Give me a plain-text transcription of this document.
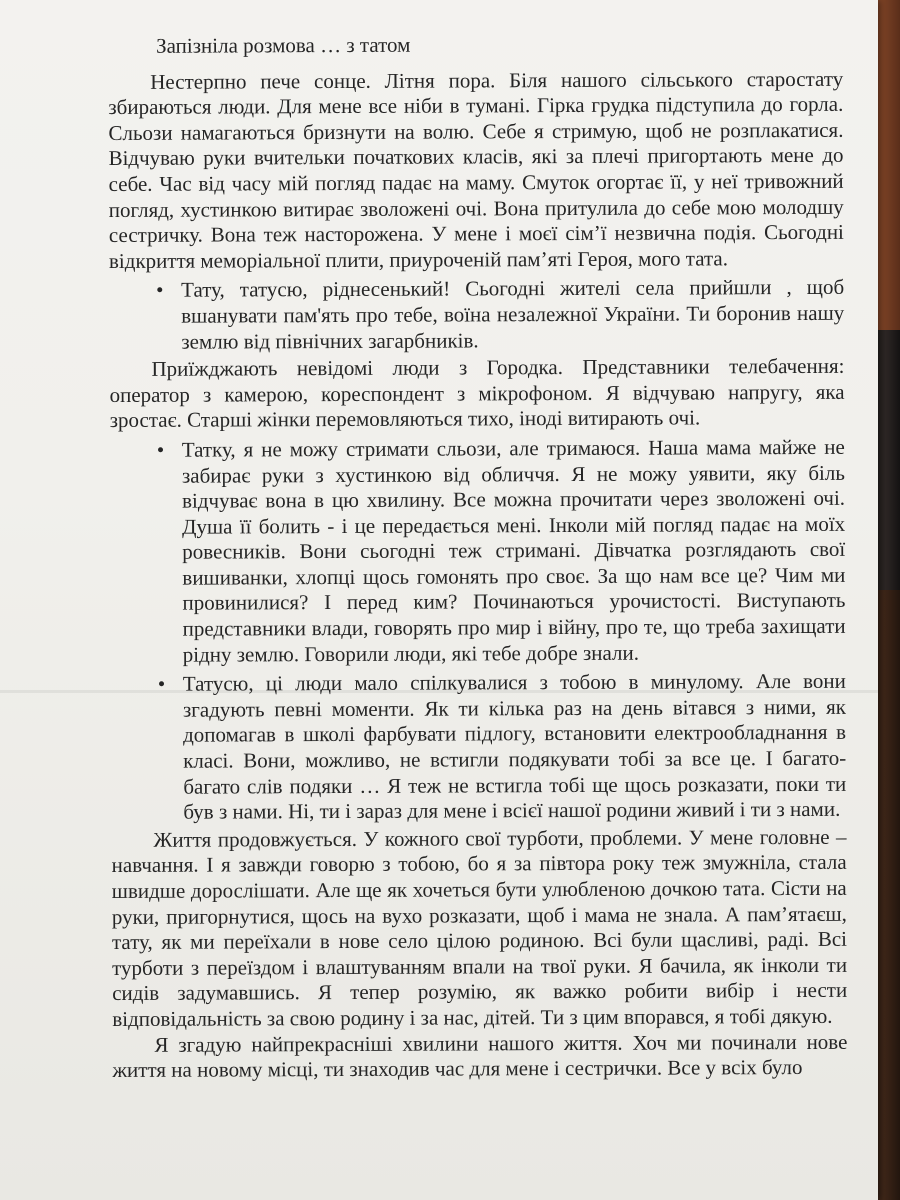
Запізніла розмова … з татом

Нестерпно пече сонце. Літня пора. Біля нашого сільського старостату збираються люди. Для мене все ніби в тумані. Гірка грудка підступила до горла. Сльози намагаються бризнути на волю. Себе я стримую, щоб не розплакатися. Відчуваю руки вчительки початкових класів, які за плечі пригортають мене до себе. Час від часу мій погляд падає на маму. Смуток огортає її, у неї тривожний погляд, хустинкою витирає зволожені очі. Вона притулила до себе мою молодшу сестричку. Вона теж настороженa. У мене і моєї сім’ї незвична подія. Сьогодні відкриття меморіальної плити, приуроченій пам’яті Героя, мого тата.

• Тату, татусю, ріднесенький! Сьогодні жителі села прийшли , щоб вшанувати пам'ять про тебе, воїна незалежної України. Ти боронив нашу землю від північних загарбників.

Приїжджають невідомі люди з Городка. Представники телебачення: оператор з камерою, кореспондент з мікрофоном. Я відчуваю напругу, яка зростає. Старші жінки перемовляються тихо, іноді витирають очі.

• Татку, я не можу стримати сльози, але тримаюся. Наша мама майже не забирає руки з хустинкою від обличчя. Я не можу уявити, яку біль відчуває вона в цю хвилину. Все можна прочитати через зволожені очі. Душа її болить - і це передається мені. Інколи мій погляд падає на моїх ровесників. Вони сьогодні теж стримані. Дівчатка розглядають свої вишиванки, хлопці щось гомонять про своє. За що нам все це? Чим ми провинилися? І перед ким? Починаються урочистості. Виступають представники влади, говорять про мир і війну, про те, що треба захищати рідну землю. Говорили люди, які тебе добре знали.

• Татусю, ці люди мало спілкувалися з тобою в минулому. Але вони згадують певні моменти. Як ти кілька раз на день вітався з ними, як допомагав в школі фарбувати підлогу, встановити електрообладнання в класі. Вони, можливо, не встигли подякувати тобі за все це. І багато-багато слів подяки … Я теж не встигла тобі ще щось розказати, поки ти був з нами. Ні, ти і зараз для мене і всієї нашої родини живий і ти з нами.

Життя продовжується. У кожного свої турботи, проблеми. У мене головне – навчання. І я завжди говорю з тобою, бо я за півтора року теж змужніла, стала швидше дорослішати. Але ще як хочеться бути улюбленою дочкою тата. Сісти на руки, пригорнутися, щось на вухо розказати, щоб і мама не знала. А пам’ятаєш, тату, як ми переїхали в нове село цілою родиною. Всі були щасливі, раді. Всі турботи з переїздом і влаштуванням впали на твої руки. Я бачила, як інколи ти сидів задумавшись. Я тепер розумію, як важко робити вибір і нести відповідальність за свою родину і за нас, дітей. Ти з цим впорався, я тобі дякую.

Я згадую найпрекрасніші хвилини нашого життя. Хоч ми починали нове життя на новому місці, ти знаходив час для мене і сестрички. Все у всіх було
